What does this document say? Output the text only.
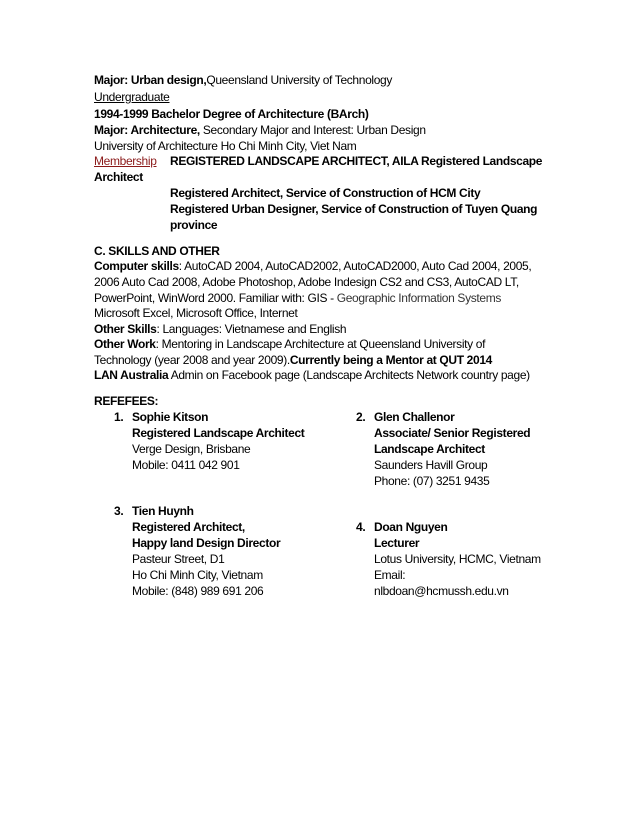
Major: Urban design,Queensland University of Technology
Undergraduate
1994-1999 Bachelor Degree of Architecture (BArch)
Major: Architecture, Secondary Major and Interest: Urban Design
University of Architecture Ho Chi Minh City, Viet Nam
Membership REGISTERED LANDSCAPE ARCHITECT, AILA Registered Landscape
Architect
Registered Architect, Service of Construction of HCM City
Registered Urban Designer, Service of Construction of Tuyen Quang
province
C. SKILLS AND OTHER
Computer skills: AutoCAD 2004, AutoCAD2002, AutoCAD2000, Auto Cad 2004, 2005,
2006 Auto Cad 2008, Adobe Photoshop, Adobe Indesign CS2 and CS3, AutoCAD LT,
PowerPoint, WinWord 2000. Familiar with: GIS - Geographic Information Systems
Microsoft Excel, Microsoft Office, Internet
Other Skills: Languages: Vietnamese and English
Other Work: Mentoring in Landscape Architecture at Queensland University of
Technology (year 2008 and year 2009).Currently being a Mentor at QUT 2014
LAN Australia Admin on Facebook page (Landscape Architects Network country page)
REFEFEES:
1. Sophie Kitson
Registered Landscape Architect
Verge Design, Brisbane
Mobile: 0411 042 901
2. Glen Challenor
Associate/ Senior Registered
Landscape Architect
Saunders Havill Group
Phone: (07) 3251 9435
3. Tien Huynh
Registered Architect,
Happy land Design Director
Pasteur Street, D1
Ho Chi Minh City, Vietnam
Mobile: (848) 989 691 206
4. Doan Nguyen
Lecturer
Lotus University, HCMC, Vietnam
Email:
nlbdoan@hcmussh.edu.vn
